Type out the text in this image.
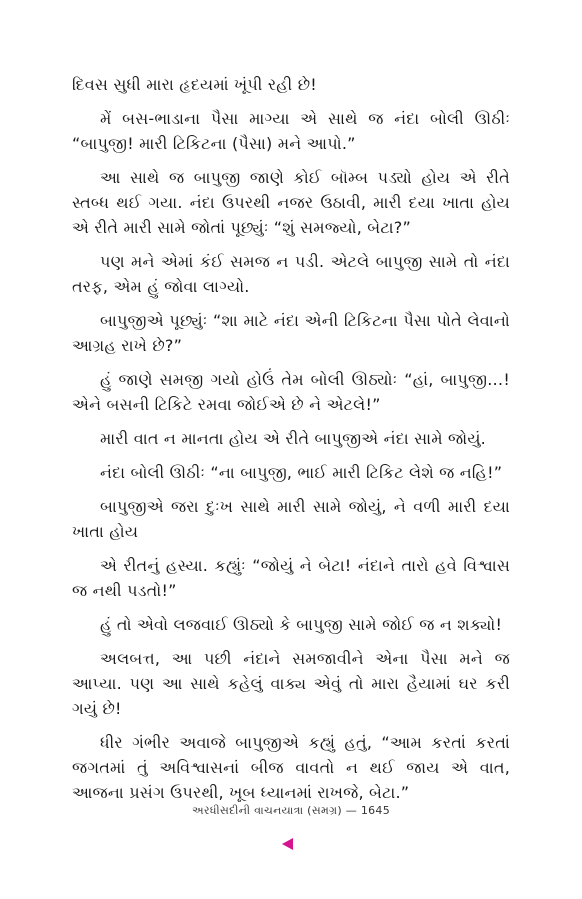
દિવસ સુધી મારા હૃદયમાં ખૂંપી રહી છે!

મેં બસ-ભાડાના પૈસા માગ્યા એ સાથે જ નંદા બોલી ઊઠીઃ “બાપુજી! મારી ટિકિટના (પૈસા) મને આપો.”

આ સાથે જ બાપુજી જાણે કોઈ બૉમ્બ પડ્યો હોય એ રીતે સ્તબ્ધ થઈ ગયા. નંદા ઉપરથી નજર ઉઠાવી, મારી દયા ખાતા હોય એ રીતે મારી સામે જોતાં પૂછ્યુંઃ “શું સમજ્યો, બેટા?”

પણ મને એમાં કંઈ સમજ ન પડી. એટલે બાપુજી સામે તો નંદા તરફ, એમ હું જોવા લાગ્યો.

બાપુજીએ પૂછ્યુંઃ “શા માટે નંદા એની ટિકિટના પૈસા પોતે લેવાનો આગ્રહ રાખે છે?”

હું જાણે સમજી ગયો હોઉં તેમ બોલી ઊઠ્યોઃ “હાં, બાપુજી…! એને બસની ટિકિટે રમવા જોઈએ છે ને એટલે!”

મારી વાત ન માનતા હોય એ રીતે બાપુજીએ નંદા સામે જોયું.

નંદા બોલી ઊઠીઃ “ના બાપુજી, ભાઈ મારી ટિકિટ લેશે જ નહિ!”

બાપુજીએ જરા દુઃખ સાથે મારી સામે જોયું, ને વળી મારી દયા ખાતા હોય

એ રીતનું હસ્યા. કહ્યુંઃ “જોયું ને બેટા! નંદાને તારો હવે વિશ્વાસ જ નથી પડતો!”

હું તો એવો લજવાઈ ઊઠ્યો કે બાપુજી સામે જોઈ જ ન શક્યો!

અલબત્ત, આ પછી નંદાને સમજાવીને એના પૈસા મને જ આપ્યા. પણ આ સાથે કહેલું વાક્ય એવું તો મારા હૈયામાં ઘર કરી ગયું છે!

ધીર ગંભીર અવાજે બાપુજીએ કહ્યું હતું, “આમ કરતાં કરતાં જગતમાં તું અવિશ્વાસનાં બીજ વાવતો ન થઈ જાય એ વાત, આજના પ્રસંગ ઉપરથી, ખૂબ ધ્યાનમાં રાખજે, બેટા.”

અરધીસદીની વાચનયાત્રા (સમગ્ર) — 1645
